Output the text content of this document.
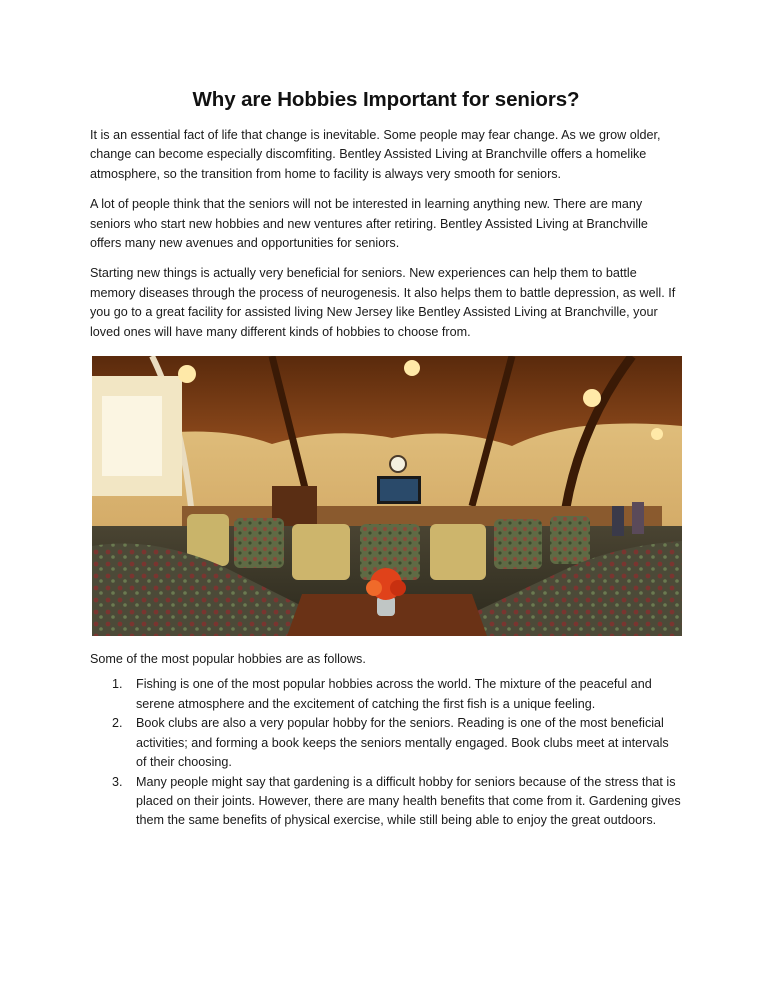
Why are Hobbies Important for seniors?

It is an essential fact of life that change is inevitable. Some people may fear change. As we grow older, change can become especially discomfiting. Bentley Assisted Living at Branchville offers a homelike atmosphere, so the transition from home to facility is always very smooth for seniors.

A lot of people think that the seniors will not be interested in learning anything new. There are many seniors who start new hobbies and new ventures after retiring. Bentley Assisted Living at Branchville offers many new avenues and opportunities for seniors.

Starting new things is actually very beneficial for seniors. New experiences can help them to battle memory diseases through the process of neurogenesis. It also helps them to battle depression, as well. If you go to a great facility for assisted living New Jersey like Bentley Assisted Living at Branchville, your loved ones will have many different kinds of hobbies to choose from.

Some of the most popular hobbies are as follows.

1. Fishing is one of the most popular hobbies across the world. The mixture of the peaceful and serene atmosphere and the excitement of catching the first fish is a unique feeling.
2. Book clubs are also a very popular hobby for the seniors. Reading is one of the most beneficial activities; and forming a book keeps the seniors mentally engaged. Book clubs meet at intervals of their choosing.
3. Many people might say that gardening is a difficult hobby for seniors because of the stress that is placed on their joints. However, there are many health benefits that come from it. Gardening gives them the same benefits of physical exercise, while still being able to enjoy the great outdoors.
